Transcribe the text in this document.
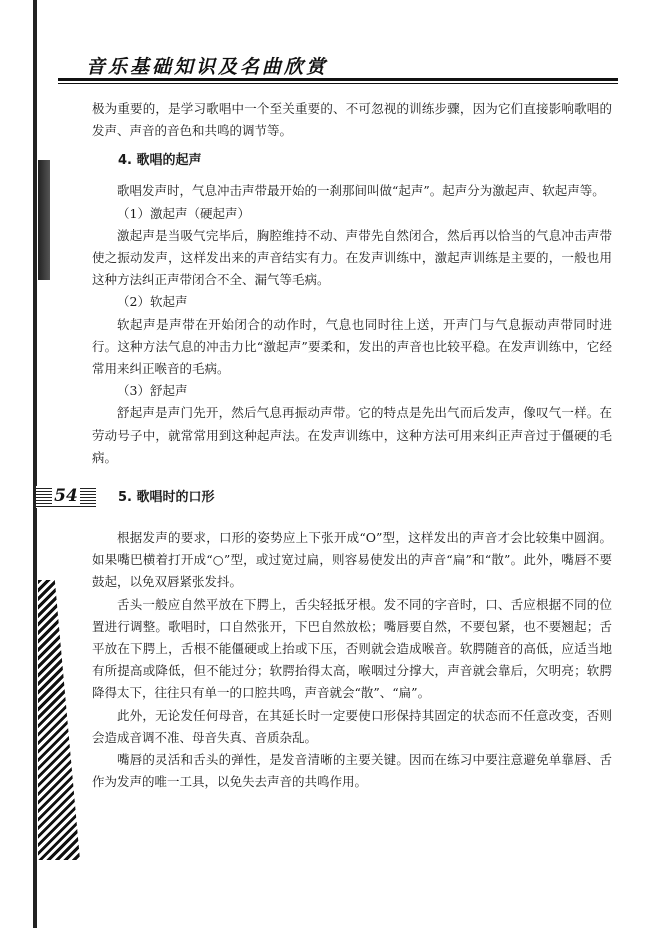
音乐基础知识及名曲欣赏
54

极为重要的，是学习歌唱中一个至关重要的、不可忽视的训练步骤，因为它们直接影响歌唱的发声、声音的音色和共鸣的调节等。

4. 歌唱的起声

歌唱发声时，气息冲击声带最开始的一刹那间叫做“起声”。起声分为激起声、软起声等。

（1）激起声（硬起声）

激起声是当吸气完毕后，胸腔维持不动、声带先自然闭合，然后再以恰当的气息冲击声带使之振动发声，这样发出来的声音结实有力。在发声训练中，激起声训练是主要的，一般也用这种方法纠正声带闭合不全、漏气等毛病。

（2）软起声

软起声是声带在开始闭合的动作时，气息也同时往上送，开声门与气息振动声带同时进行。这种方法气息的冲击力比“激起声”要柔和，发出的声音也比较平稳。在发声训练中，它经常用来纠正喉音的毛病。

（3）舒起声

舒起声是声门先开，然后气息再振动声带。它的特点是先出气而后发声，像叹气一样。在劳动号子中，就常常用到这种起声法。在发声训练中，这种方法可用来纠正声音过于僵硬的毛病。

5. 歌唱时的口形

根据发声的要求，口形的姿势应上下张开成“O”型，这样发出的声音才会比较集中圆润。如果嘴巴横着打开成“○”型，或过宽过扁，则容易使发出的声音“扁”和“散”。此外，嘴唇不要鼓起，以免双唇紧张发抖。

舌头一般应自然平放在下腭上，舌尖轻抵牙根。发不同的字音时，口、舌应根据不同的位置进行调整。歌唱时，口自然张开，下巴自然放松；嘴唇要自然，不要包紧，也不要翘起；舌平放在下腭上，舌根不能僵硬或上抬或下压，否则就会造成喉音。软腭随音的高低，应适当地有所提高或降低，但不能过分；软腭抬得太高，喉咽过分撑大，声音就会靠后，欠明亮；软腭降得太下，往往只有单一的口腔共鸣，声音就会“散”、“扁”。

此外，无论发任何母音，在其延长时一定要使口形保持其固定的状态而不任意改变，否则会造成音调不准、母音失真、音质杂乱。

嘴唇的灵活和舌头的弹性，是发音清晰的主要关键。因而在练习中要注意避免单靠唇、舌作为发声的唯一工具，以免失去声音的共鸣作用。
